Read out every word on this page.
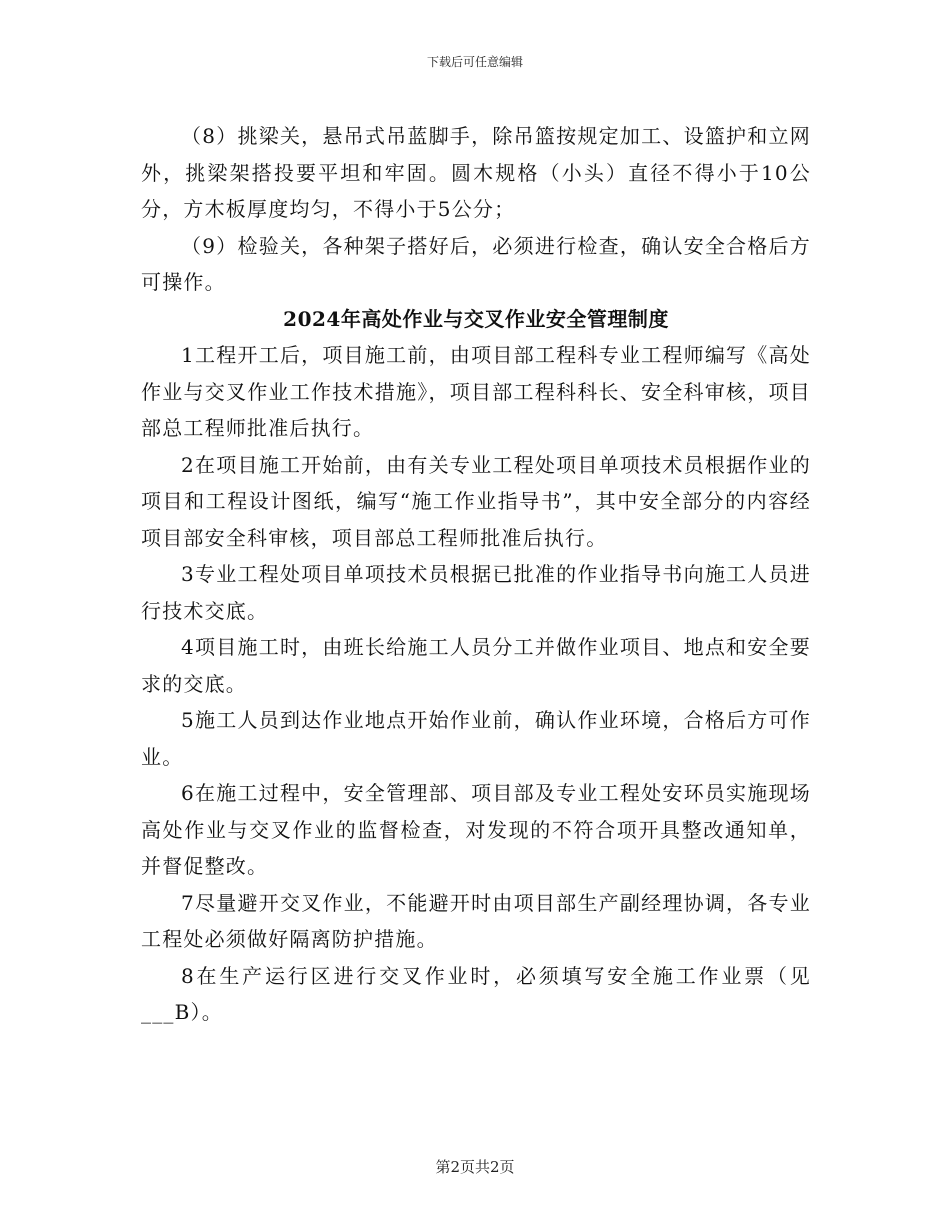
下载后可任意编辑

（8）挑梁关，悬吊式吊蓝脚手，除吊篮按规定加工、设篮护和立网外，挑梁架搭投要平坦和牢固。圆木规格（小头）直径不得小于10公分，方木板厚度均匀，不得小于5公分；

（9）检验关，各种架子搭好后，必须进行检查，确认安全合格后方可操作。

2024年高处作业与交叉作业安全管理制度

1工程开工后，项目施工前，由项目部工程科专业工程师编写《高处作业与交叉作业工作技术措施》，项目部工程科科长、安全科审核，项目部总工程师批准后执行。

2在项目施工开始前，由有关专业工程处项目单项技术员根据作业的项目和工程设计图纸，编写“施工作业指导书”，其中安全部分的内容经项目部安全科审核，项目部总工程师批准后执行。

3专业工程处项目单项技术员根据已批准的作业指导书向施工人员进行技术交底。

4项目施工时，由班长给施工人员分工并做作业项目、地点和安全要求的交底。

5施工人员到达作业地点开始作业前，确认作业环境，合格后方可作业。

6在施工过程中，安全管理部、项目部及专业工程处安环员实施现场高处作业与交叉作业的监督检查，对发现的不符合项开具整改通知单，并督促整改。

7尽量避开交叉作业，不能避开时由项目部生产副经理协调，各专业工程处必须做好隔离防护措施。

8在生产运行区进行交叉作业时，必须填写安全施工作业票（见___B）。

第2页共2页
